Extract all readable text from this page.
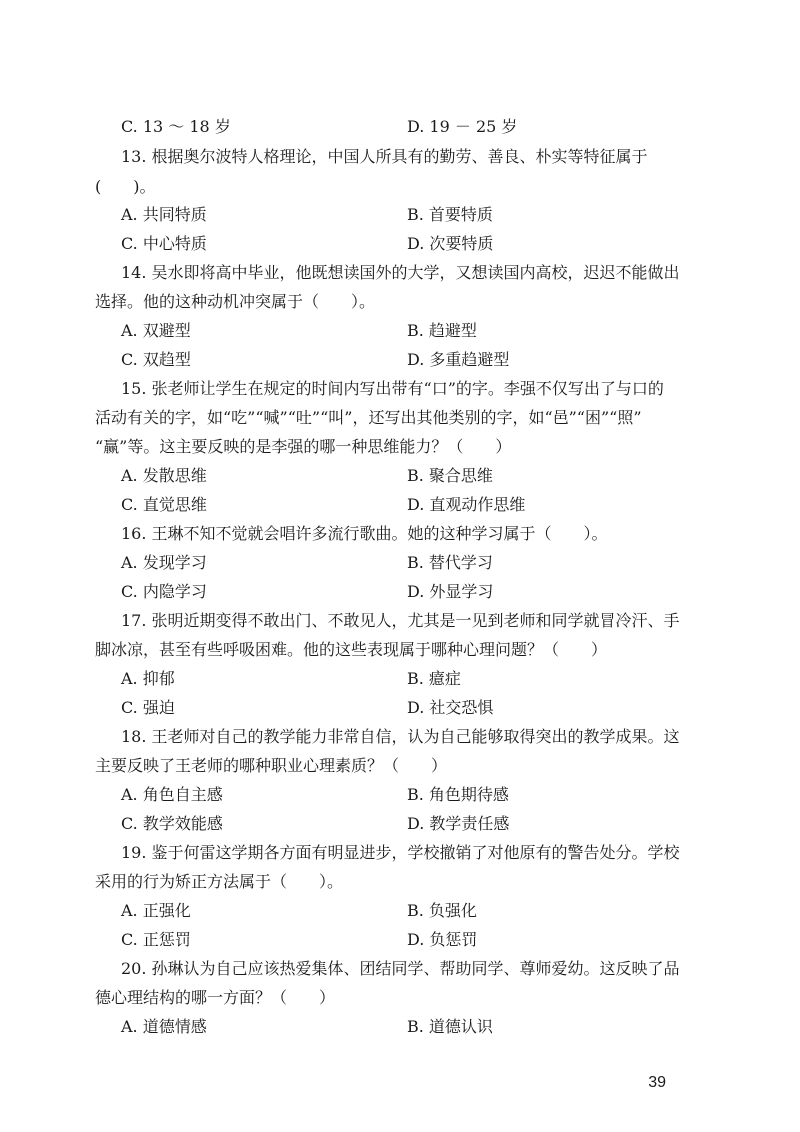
C. 13 ～ 18 岁	D. 19 － 25 岁
13. 根据奥尔波特人格理论，中国人所具有的勤劳、善良、朴实等特征属于
(　　)。
A. 共同特质	B. 首要特质
C. 中心特质	D. 次要特质
14. 吴水即将高中毕业，他既想读国外的大学，又想读国内高校，迟迟不能做出
选择。他的这种动机冲突属于（　　）。
A. 双避型	B. 趋避型
C. 双趋型	D. 多重趋避型
15. 张老师让学生在规定的时间内写出带有“口”的字。李强不仅写出了与口的
活动有关的字，如“吃”“喊”“吐”“叫”，还写出其他类别的字，如“邑”“困”“照”
“赢”等。这主要反映的是李强的哪一种思维能力？（　　）
A. 发散思维	B. 聚合思维
C. 直觉思维	D. 直观动作思维
16. 王琳不知不觉就会唱许多流行歌曲。她的这种学习属于（　　）。
A. 发现学习	B. 替代学习
C. 内隐学习	D. 外显学习
17. 张明近期变得不敢出门、不敢见人，尤其是一见到老师和同学就冒冷汗、手
脚冰凉，甚至有些呼吸困难。他的这些表现属于哪种心理问题？（　　）
A. 抑郁	B. 癔症
C. 强迫	D. 社交恐惧
18. 王老师对自己的教学能力非常自信，认为自己能够取得突出的教学成果。这
主要反映了王老师的哪种职业心理素质？（　　）
A. 角色自主感	B. 角色期待感
C. 教学效能感	D. 教学责任感
19. 鉴于何雷这学期各方面有明显进步，学校撤销了对他原有的警告处分。学校
采用的行为矫正方法属于（　　）。
A. 正强化	B. 负强化
C. 正惩罚	D. 负惩罚
20. 孙琳认为自己应该热爱集体、团结同学、帮助同学、尊师爱幼。这反映了品
德心理结构的哪一方面？（　　）
A. 道德情感	B. 道德认识
39
